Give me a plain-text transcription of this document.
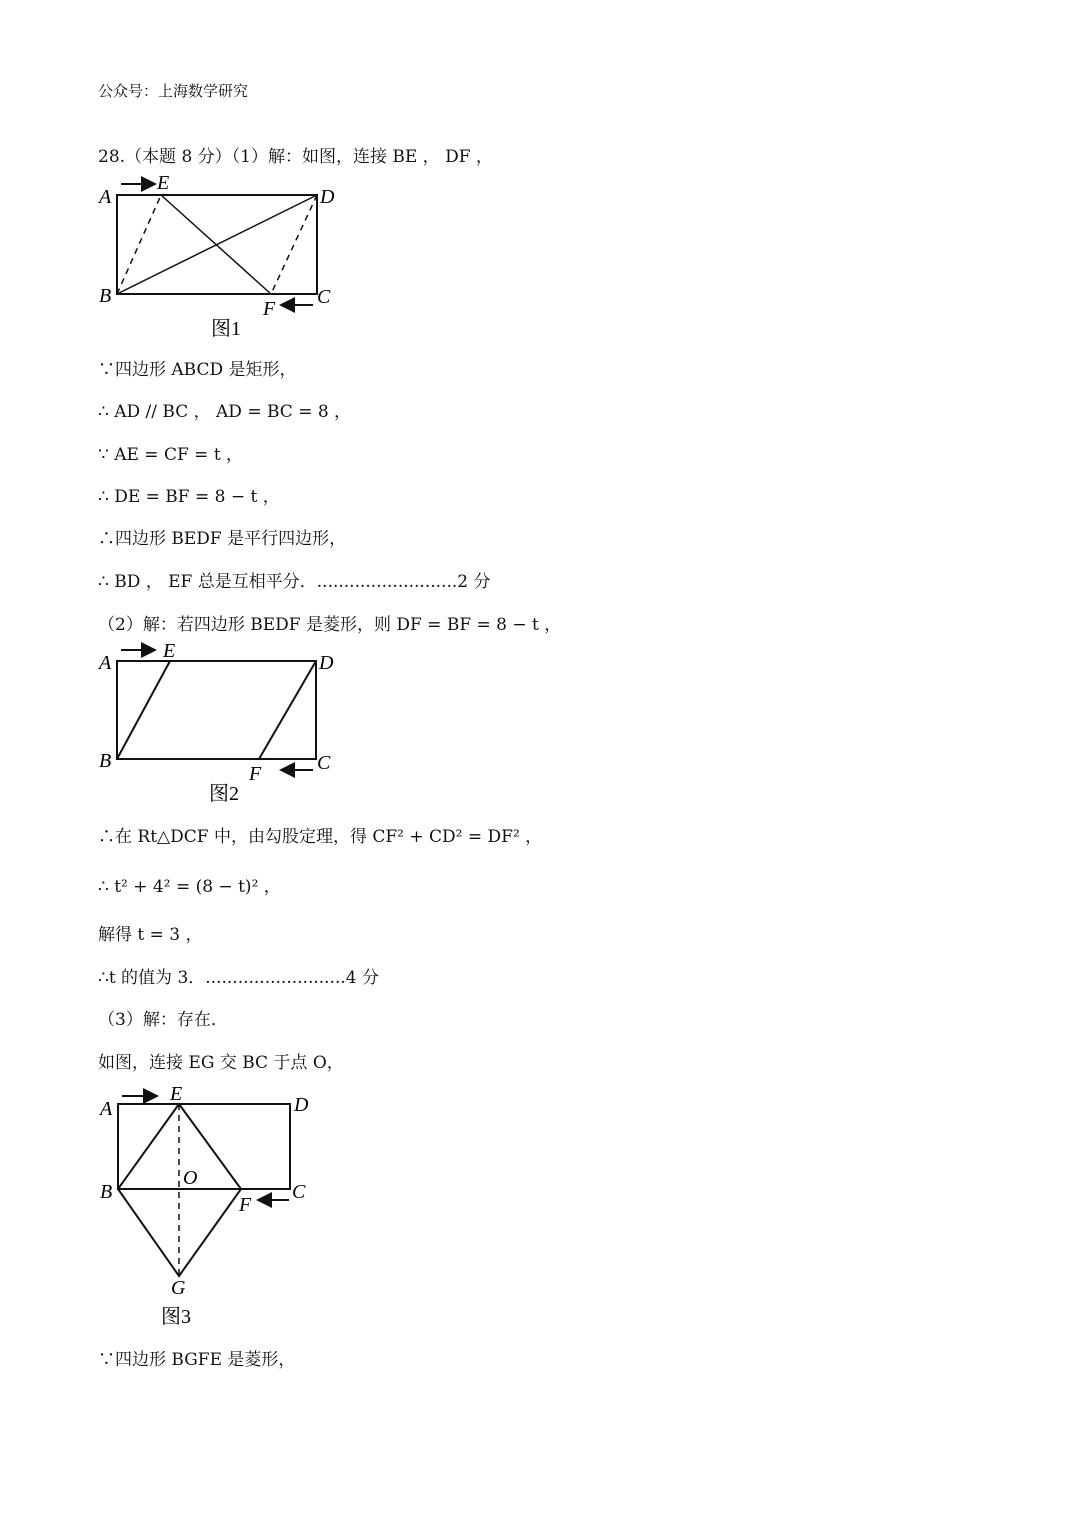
公众号：上海数学研究
28.（本题 8 分）（1）解：如图，连接 BE ， DF ，
A
E
D
B	C
F
图1
∵四边形 ABCD 是矩形，
∴ AD // BC ， AD = BC = 8 ，
∵ AE = CF = t ，
∴ DE = BF = 8 − t ，
∴四边形 BEDF 是平行四边形，
∴ BD ， EF 总是互相平分．..........................2 分
（2）解：若四边形 BEDF 是菱形，则 DF = BF = 8 − t ，
A
E
D
B	C
F
图2
∴在 Rt△DCF 中，由勾股定理，得 CF² + CD² = DF² ，
∴ t² + 4² = (8 − t)² ，
解得 t = 3 ，
∴t 的值为 3．..........................4 分
（3）解：存在．
如图，连接 EG 交 BC 于点 O，
A
E	D
B
O
C
F
G
图3
∵四边形 BGFE 是菱形，
